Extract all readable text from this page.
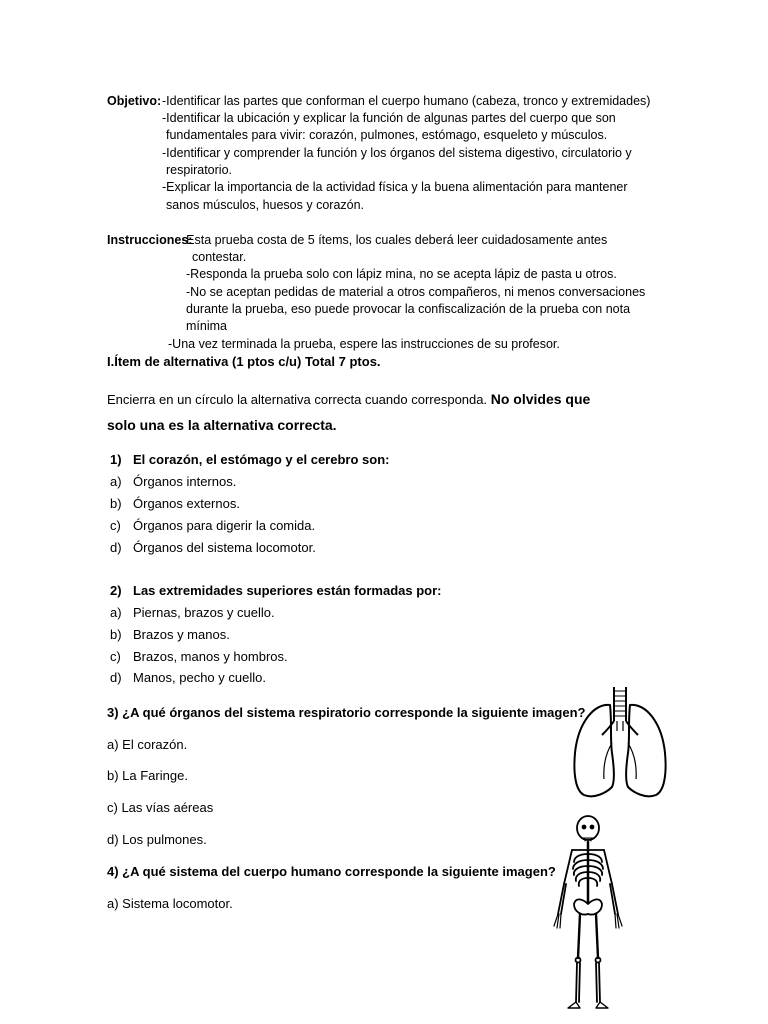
Objetivo: -Identificar las partes que conforman el cuerpo humano (cabeza, tronco y extremidades)
-Identificar la ubicación y explicar la función de algunas partes del cuerpo que son
fundamentales para vivir: corazón, pulmones, estómago, esqueleto y músculos.
-Identificar y comprender la función y los órganos del sistema digestivo, circulatorio y
respiratorio.
-Explicar la importancia de la actividad física y la buena alimentación para mantener
sanos músculos, huesos y corazón.
Instrucciones:
-Esta prueba costa de 5 ítems, los cuales deberá leer cuidadosamente antes
contestar.
-Responda la prueba solo con lápiz mina, no se acepta lápiz de pasta u otros.
-No se aceptan pedidas de material a otros compañeros, ni menos conversaciones
durante la prueba, eso puede provocar la confiscalización de la prueba con nota
mínima
-Una vez terminada la prueba, espere las instrucciones de su profesor.
I.Ítem de alternativa (1 ptos c/u) Total 7 ptos.
Encierra en un círculo la alternativa correcta cuando corresponda. No olvides que
solo una es la alternativa correcta.
1) El corazón, el estómago y el cerebro son:
a) Órganos internos.
b) Órganos externos.
c) Órganos para digerir la comida.
d) Órganos del sistema locomotor.
2) Las extremidades superiores están formadas por:
a) Piernas, brazos y cuello.
b) Brazos y manos.
c) Brazos, manos y hombros.
d) Manos, pecho y cuello.
3) ¿A qué órganos del sistema respiratorio corresponde la siguiente imagen?
a) El corazón.
b) La Faringe.
c) Las vías aéreas
d) Los pulmones.
4) ¿A qué sistema del cuerpo humano corresponde la siguiente imagen?
a) Sistema locomotor.
